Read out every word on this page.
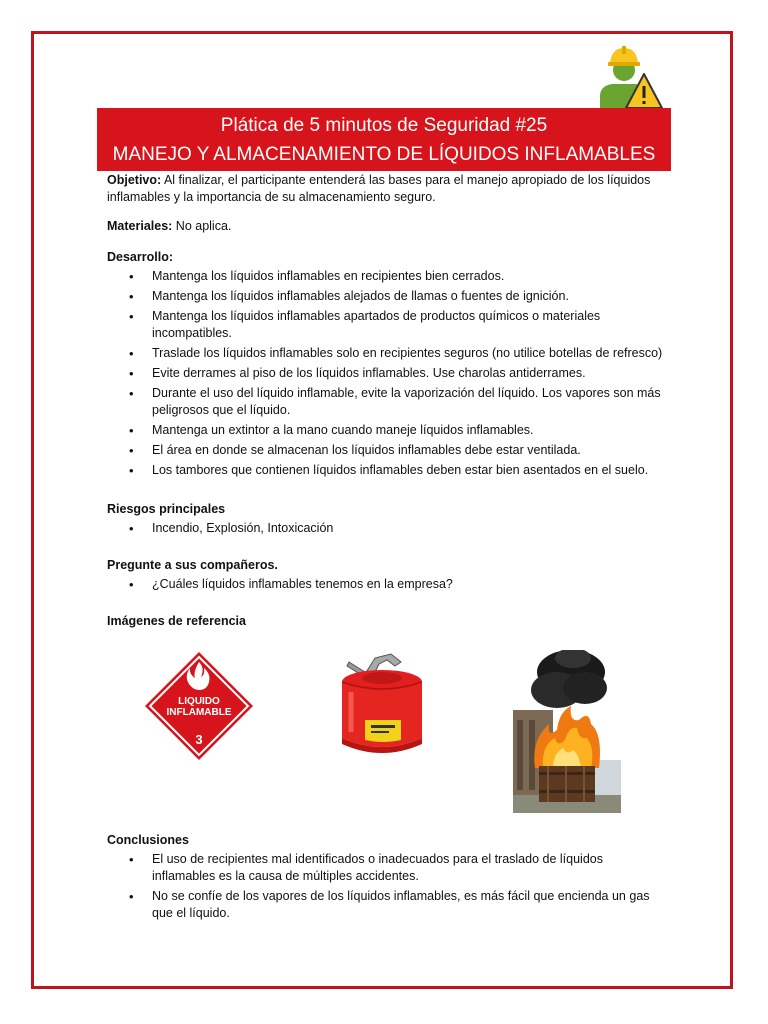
Plática de 5 minutos de Seguridad #25
MANEJO Y ALMACENAMIENTO DE LÍQUIDOS INFLAMABLES

Objetivo: Al finalizar, el participante entenderá las bases para el manejo apropiado de los líquidos inflamables y la importancia de su almacenamiento seguro.

Materiales: No aplica.

Desarrollo:
• Mantenga los líquidos inflamables en recipientes bien cerrados.
• Mantenga los líquidos inflamables alejados de llamas o fuentes de ignición.
• Mantenga los líquidos inflamables apartados de productos químicos o materiales incompatibles.
• Traslade los líquidos inflamables solo en recipientes seguros (no utilice botellas de refresco)
• Evite derrames al piso de los líquidos inflamables. Use charolas antiderrames.
• Durante el uso del líquido inflamable, evite la vaporización del líquido. Los vapores son más peligrosos que el líquido.
• Mantenga un extintor a la mano cuando maneje líquidos inflamables.
• El área en donde se almacenan los líquidos inflamables debe estar ventilada.
• Los tambores que contienen líquidos inflamables deben estar bien asentados en el suelo.
Riesgos principales
• Incendio, Explosión, Intoxicación
Pregunte a sus compañeros.
• ¿Cuáles líquidos inflamables tenemos en la empresa?
Imágenes de referencia
LIQUIDO
INFLAMABLE
3
Conclusiones
• El uso de recipientes mal identificados o inadecuados para el traslado de líquidos inflamables es la causa de múltiples accidentes.
• No se confíe de los vapores de los líquidos inflamables, es más fácil que encienda un gas que el líquido.
